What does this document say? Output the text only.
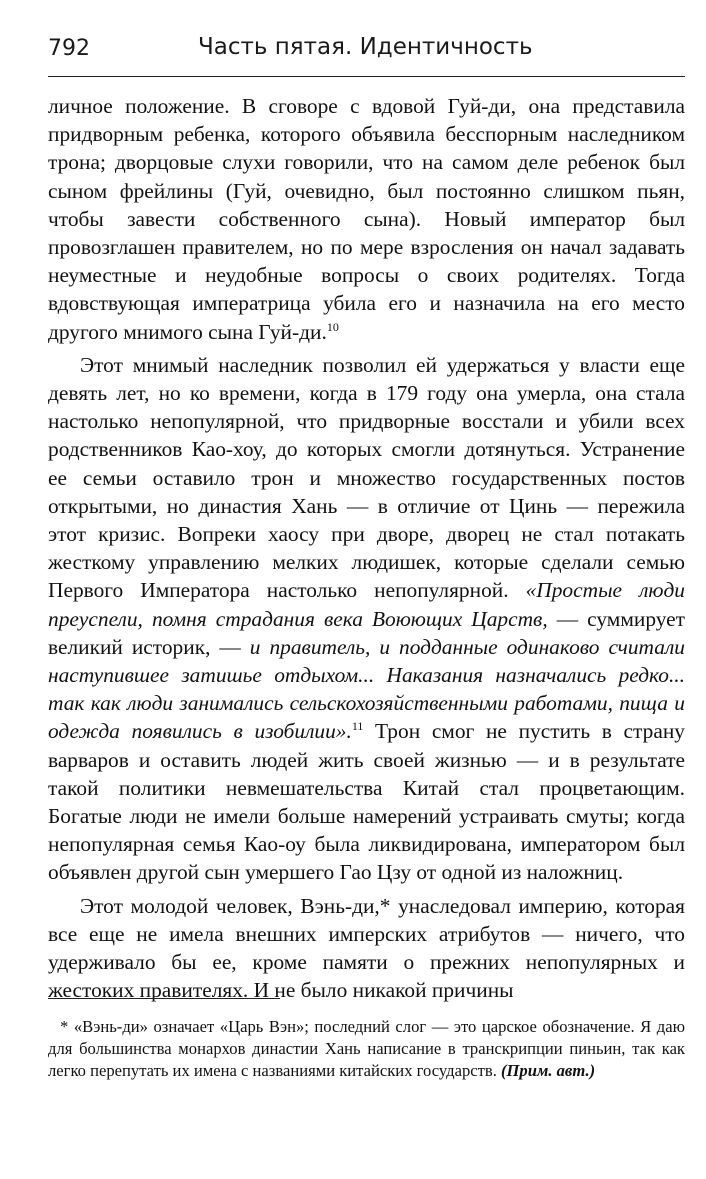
792	Часть пятая. Идентичность

личное положение. В сговоре с вдовой Гуй-ди, она представила придворным ребенка, которого объявила бесспорным наследником трона; дворцовые слухи говорили, что на самом деле ребенок был сыном фрейлины (Гуй, очевидно, был постоянно слишком пьян, чтобы завести собственного сына). Новый император был провозглашен правителем, но по мере взросления он начал задавать неуместные и неудобные вопросы о своих родителях. Тогда вдовствующая императрица убила его и назначила на его место другого мнимого сына Гуй-ди.$^{10}$

Этот мнимый наследник позволил ей удержаться у власти еще девять лет, но ко времени, когда в 179 году она умерла, она стала настолько непопулярной, что придворные восстали и убили всех родственников Као-хоу, до которых смогли дотянуться. Устранение ее семьи оставило трон и множество государственных постов открытыми, но династия Хань — в отличие от Цинь — пережила этот кризис. Вопреки хаосу при дворе, дворец не стал потакать жесткому управлению мелких людишек, которые сделали семью Первого Императора настолько непопулярной. «Простые люди преуспели, помня страдания века Воюющих Царств, — суммирует великий историк, — и правитель, и подданные одинаково считали наступившее затишье отдыхом... Наказания назначались редко... так как люди занимались сельскохозяйственными работами, пища и одежда появились в изобилии».$^{11}$ Трон смог не пустить в страну варваров и оставить людей жить своей жизнью — и в результате такой политики невмешательства Китай стал процветающим. Богатые люди не имели больше намерений устраивать смуты; когда непопулярная семья Као-оу была ликвидирована, императором был объявлен другой сын умершего Гао Цзу от одной из наложниц.

Этот молодой человек, Вэнь-ди,* унаследовал империю, которая все еще не имела внешних имперских атрибутов — ничего, что удерживало бы ее, кроме памяти о прежних непопулярных и жестоких правителях. И не было никакой причины

* «Вэнь-ди» означает «Царь Вэн»; последний слог — это царское обозначение. Я даю для большинства монархов династии Хань написание в транскрипции пиньин, так как легко перепутать их имена с названиями китайских государств. (Прим. авт.)
